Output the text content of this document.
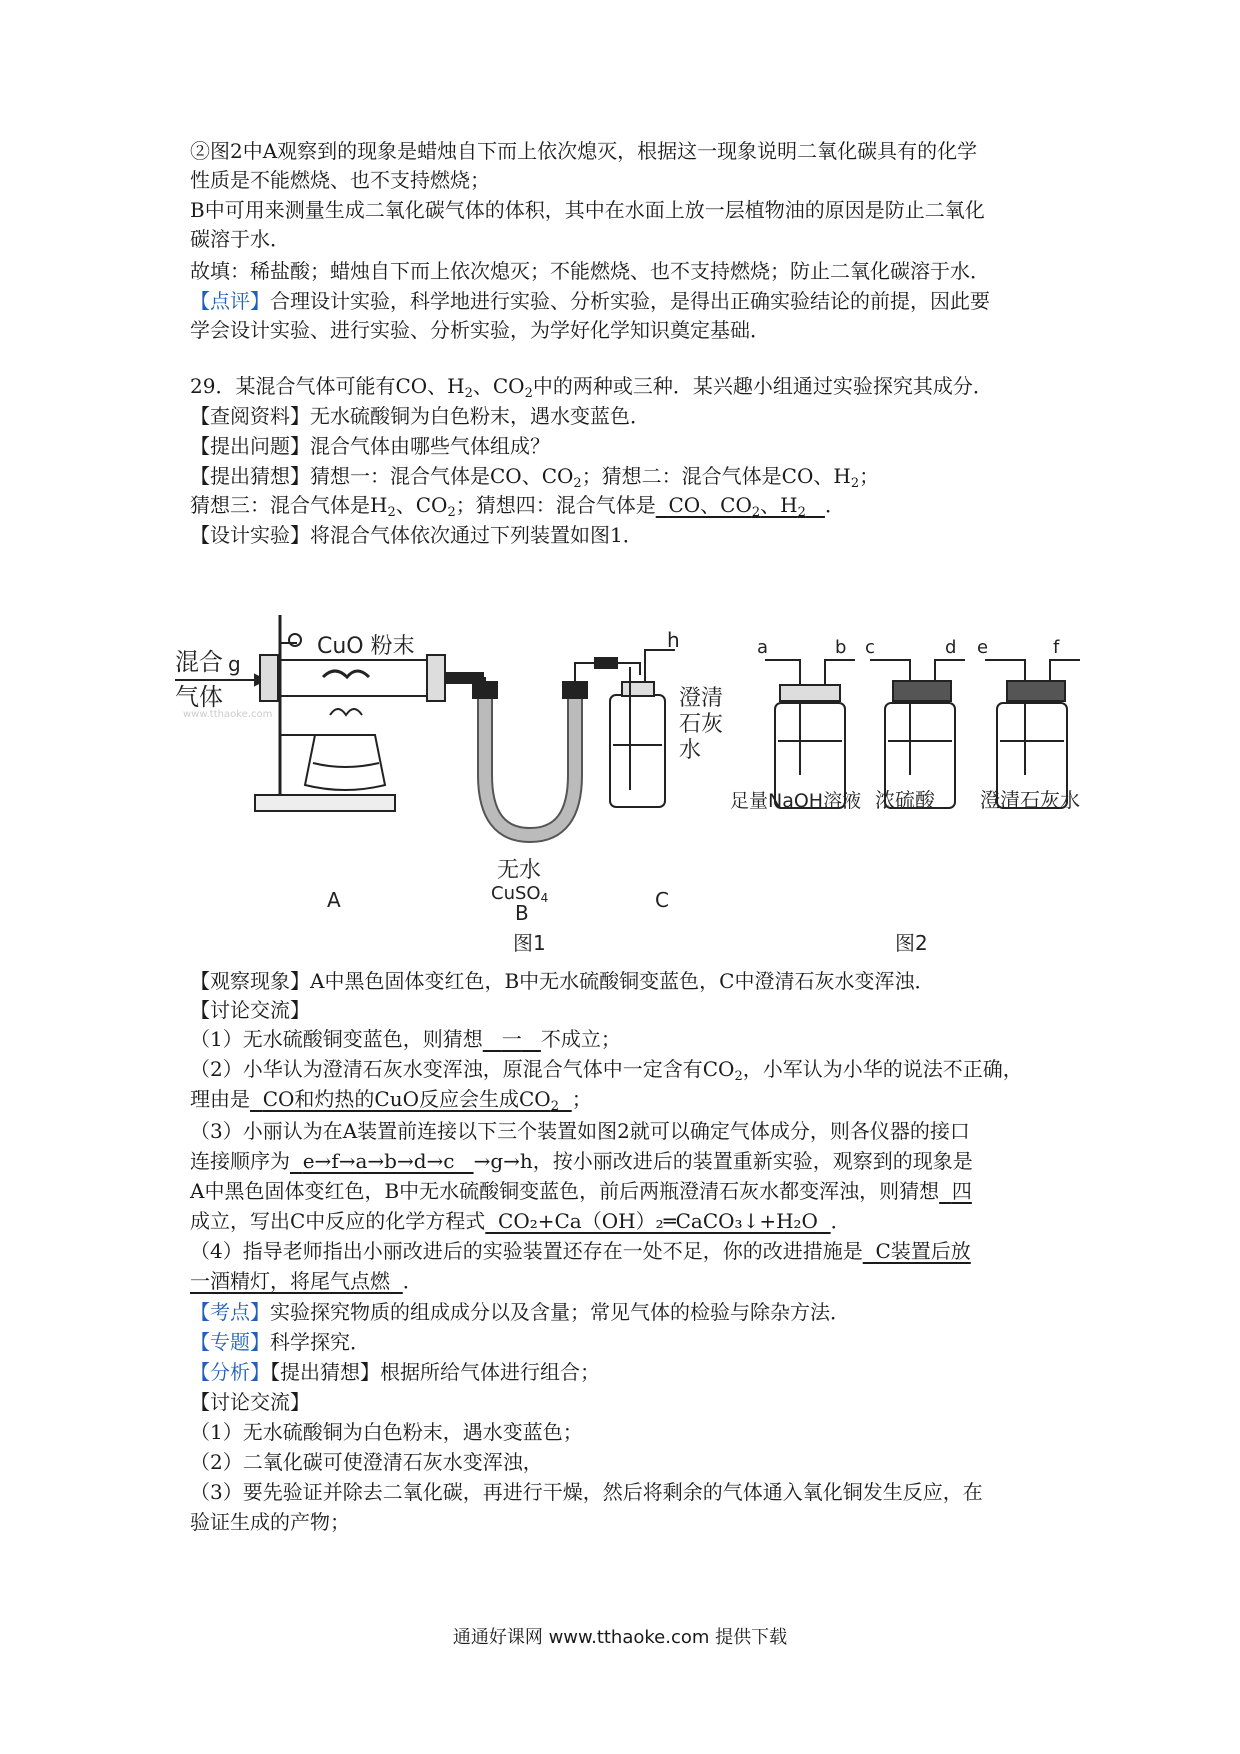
②图2中A观察到的现象是蜡烛自下而上依次熄灭，根据这一现象说明二氧化碳具有的化学
性质是不能燃烧、也不支持燃烧；
B中可用来测量生成二氧化碳气体的体积，其中在水面上放一层植物油的原因是防止二氧化
碳溶于水．
故填：稀盐酸；蜡烛自下而上依次熄灭；不能燃烧、也不支持燃烧；防止二氧化碳溶于水．
【点评】合理设计实验，科学地进行实验、分析实验，是得出正确实验结论的前提，因此要
学会设计实验、进行实验、分析实验，为学好化学知识奠定基础．
29．某混合气体可能有CO、$H_2$、$CO_2$中的两种或三种．某兴趣小组通过实验探究其成分．
【查阅资料】无水硫酸铜为白色粉末，遇水变蓝色．
【提出问题】混合气体由哪些气体组成？
【提出猜想】猜想一：混合气体是CO、$CO_2$；猜想二：混合气体是CO、$H_2$；
猜想三：混合气体是$H_2$、$CO_2$；猜想四：混合气体是 CO、$CO_2$、$H_2$ ．
【设计实验】将混合气体依次通过下列装置如图1．
混合
气体
g
CuO 粉末	h
无水
CuSO4
澄清
石灰
水
A
B
C
图1	图2
a	b c	d e	f
足量NaOH溶液 浓硫酸 澄清石灰水
www.tthaoke.com
【观察现象】A中黑色固体变红色，B中无水硫酸铜变蓝色，C中澄清石灰水变浑浊．
【讨论交流】
（1）无水硫酸铜变蓝色，则猜想 一 不成立；
（2）小华认为澄清石灰水变浑浊，原混合气体中一定含有$CO_2$，小军认为小华的说法不正确，
理由是 CO和灼热的CuO反应会生成$CO_2$ ；
（3）小丽认为在A装置前连接以下三个装置如图2就可以确定气体成分，则各仪器的接口
连接顺序为 e→f→a→b→d→c →g→h，按小丽改进后的装置重新实验，观察到的现象是
A中黑色固体变红色，B中无水硫酸铜变蓝色，前后两瓶澄清石灰水都变浑浊，则猜想 四
成立，写出C中反应的化学方程式 CO₂+Ca（OH）₂═CaCO₃↓+H₂O ．
（4）指导老师指出小丽改进后的实验装置还存在一处不足，你的改进措施是 C装置后放
一酒精灯，将尾气点燃 ．
【考点】实验探究物质的组成成分以及含量；常见气体的检验与除杂方法．
【专题】科学探究．
【分析】【提出猜想】根据所给气体进行组合；
【讨论交流】
（1）无水硫酸铜为白色粉末，遇水变蓝色；
（2）二氧化碳可使澄清石灰水变浑浊，
（3）要先验证并除去二氧化碳，再进行干燥，然后将剩余的气体通入氧化铜发生反应，在
验证生成的产物；
通通好课网 www.tthaoke.com 提供下载
